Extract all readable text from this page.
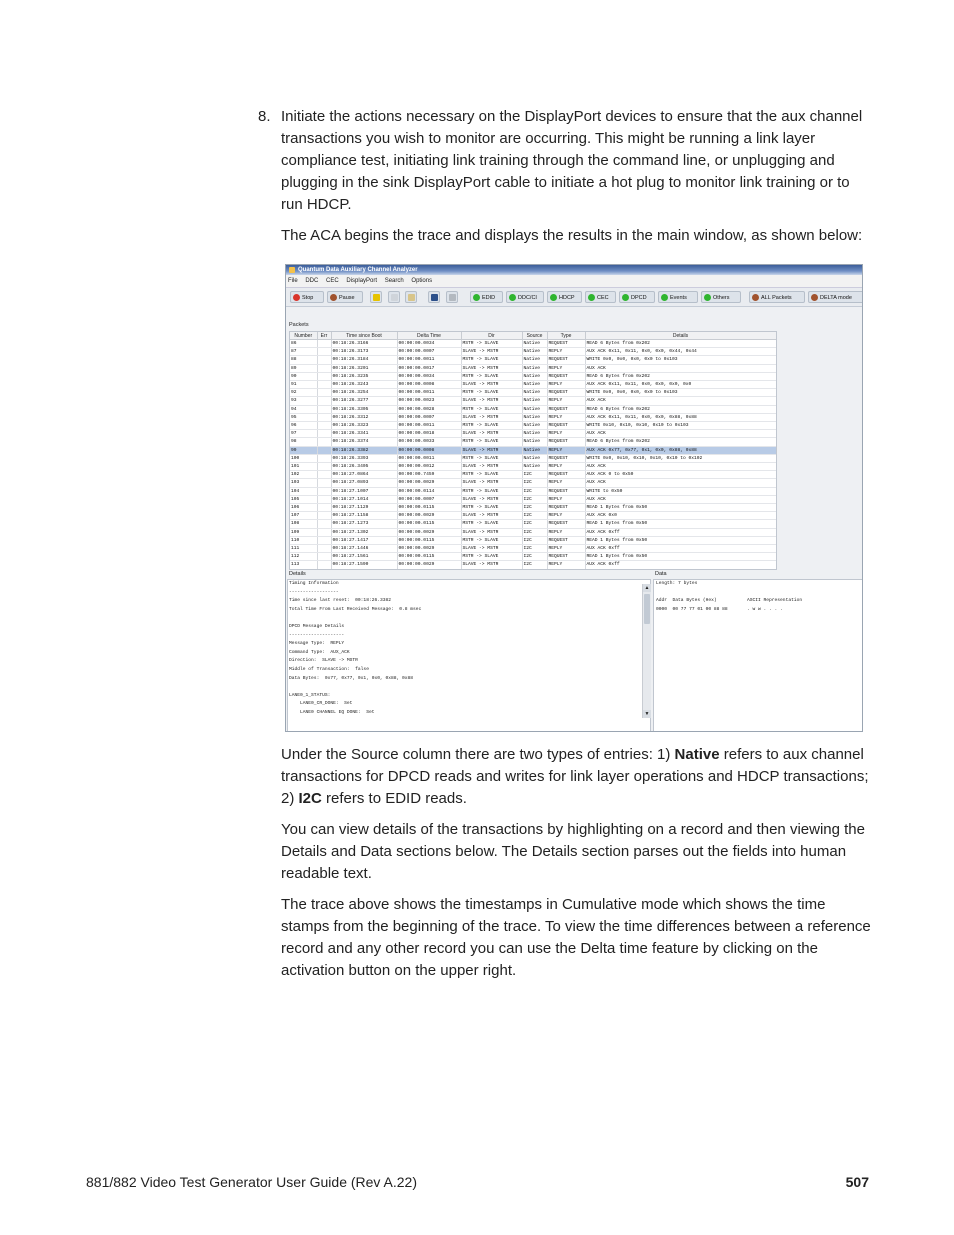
8. Initiate the actions necessary on the DisplayPort devices to ensure that the aux channel transactions you wish to monitor are occurring. This might be running a link layer compliance test, initiating link training through the command line, or unplugging and plugging in the sink DisplayPort cable to initiate a hot plug to monitor link training or to run HDCP.

The ACA begins the trace and displays the results in the main window, as shown below:

Quantum Data Auxiliary Channel Analyzer
File DDC CEC DisplayPort Search Options
Stop	Pause	EDID	DDC/CI	HDCP	CEC	DPCD	Events	Others	ALL Packets	DELTA mode
Packets
Number	Err	Time since Boot	Delta Time	Dir	Source	Type	Details
86		00:18:26.3166	00:00:00.0034	MSTR -> SLAVE	Native	REQUEST	READ 6 Bytes from 0x202
87		00:18:26.3173	00:00:00.0007	SLAVE -> MSTR	Native	REPLY	AUX ACK 0x11, 0x11, 0x0, 0x0, 0x44, 0x44
88		00:18:26.3184	00:00:00.0011	MSTR -> SLAVE	Native	REQUEST	WRITE 0x0, 0x0, 0x0, 0x0 to 0x103
89		00:18:26.3201	00:00:00.0017	SLAVE -> MSTR	Native	REPLY	AUX ACK
90		00:18:26.3235	00:00:00.0034	MSTR -> SLAVE	Native	REQUEST	READ 6 Bytes from 0x202
91		00:18:26.3243	00:00:00.0008	SLAVE -> MSTR	Native	REPLY	AUX ACK 0x11, 0x11, 0x0, 0x0, 0x0, 0x0
92		00:18:26.3254	00:00:00.0011	MSTR -> SLAVE	Native	REQUEST	WRITE 0x0, 0x0, 0x0, 0x0 to 0x103
93		00:18:26.3277	00:00:00.0023	SLAVE -> MSTR	Native	REPLY	AUX ACK
94		00:18:26.3305	00:00:00.0028	MSTR -> SLAVE	Native	REQUEST	READ 6 Bytes from 0x202
95		00:18:26.3312	00:00:00.0007	SLAVE -> MSTR	Native	REPLY	AUX ACK 0x11, 0x11, 0x0, 0x0, 0x88, 0x88
96		00:18:26.3323	00:00:00.0011	MSTR -> SLAVE	Native	REQUEST	WRITE 0x10, 0x10, 0x10, 0x10 to 0x103
97		00:18:26.3341	00:00:00.0018	SLAVE -> MSTR	Native	REPLY	AUX ACK
98		00:18:26.3374	00:00:00.0033	MSTR -> SLAVE	Native	REQUEST	READ 6 Bytes from 0x202
99		00:18:26.3382	00:00:00.0008	SLAVE -> MSTR	Native	REPLY	AUX ACK 0x77, 0x77, 0x1, 0x0, 0x88, 0x88
100		00:18:26.3393	00:00:00.0011	MSTR -> SLAVE	Native	REQUEST	WRITE 0x0, 0x10, 0x10, 0x10, 0x10 to 0x102
101		00:18:26.3405	00:00:00.0012	SLAVE -> MSTR	Native	REPLY	AUX ACK
102		00:18:27.0864	00:00:00.7459	MSTR -> SLAVE	I2C	REQUEST	AUX ACK 0 to 0x50
103		00:18:27.0893	00:00:00.0029	SLAVE -> MSTR	I2C	REPLY	AUX ACK
104		00:18:27.1007	00:00:00.0114	MSTR -> SLAVE	I2C	REQUEST	WRITE to 0x50
105		00:18:27.1014	00:00:00.0007	SLAVE -> MSTR	I2C	REPLY	AUX ACK
106		00:18:27.1129	00:00:00.0115	MSTR -> SLAVE	I2C	REQUEST	READ 1 Bytes from 0x50
107		00:18:27.1158	00:00:00.0029	SLAVE -> MSTR	I2C	REPLY	AUX ACK 0x0
108		00:18:27.1273	00:00:00.0115	MSTR -> SLAVE	I2C	REQUEST	READ 1 Bytes from 0x50
109		00:18:27.1302	00:00:00.0029	SLAVE -> MSTR	I2C	REPLY	AUX ACK 0xff
110		00:18:27.1417	00:00:00.0115	MSTR -> SLAVE	I2C	REQUEST	READ 1 Bytes from 0x50
111		00:18:27.1446	00:00:00.0029	SLAVE -> MSTR	I2C	REPLY	AUX ACK 0xff
112		00:18:27.1561	00:00:00.0115	MSTR -> SLAVE	I2C	REQUEST	READ 1 Bytes from 0x50
113		00:18:27.1590	00:00:00.0029	SLAVE -> MSTR	I2C	REPLY	AUX ACK 0xff
Details	Data
Timing Information
------------------
Time since last reset:  00:18:26.3382
Total Time From Last Received Message:  0.8 msec
DPCD Message Details
--------------------
Message Type:  REPLY
Command Type:  AUX_ACK
Direction:  SLAVE -> MSTR
Middle of Transaction:  false
Data Bytes:  0x77, 0x77, 0x1, 0x0, 0x88, 0x88
LANE0_1_STATUS:
LANE0_CR_DONE:  Set
LANE0 CHANNEL EQ DONE:  Set
▲
▼
Length: 7 bytes
Addr  Data Bytes (Hex)           ASCII Representation
0000  00 77 77 01 00 88 88       . w w . . . .

Under the Source column there are two types of entries: 1) Native refers to aux channel transactions for DPCD reads and writes for link layer operations and HDCP transactions; 2) I2C refers to EDID reads.

You can view details of the transactions by highlighting on a record and then viewing the Details and Data sections below. The Details section parses out the fields into human readable text.

The trace above shows the timestamps in Cumulative mode which shows the time stamps from the beginning of the trace. To view the time differences between a reference record and any other record you can use the Delta time feature by clicking on the activation button on the upper right.

881/882 Video Test Generator User Guide (Rev A.22)	507
